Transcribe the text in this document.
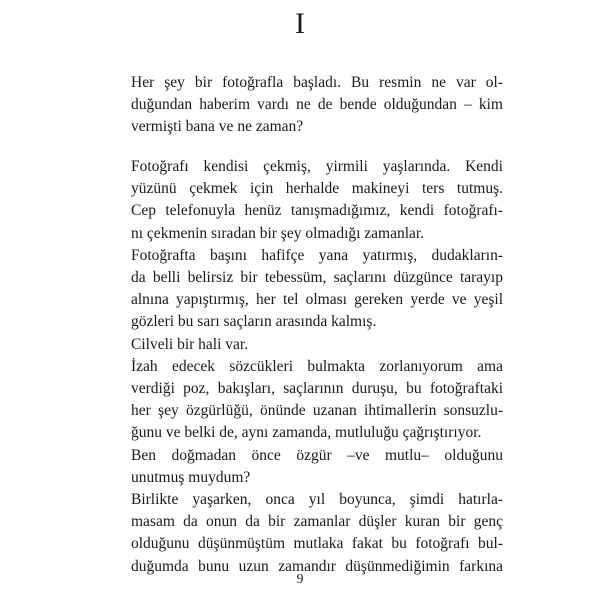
I

Her şey bir fotoğrafla başladı. Bu resmin ne var ol-
duğundan haberim vardı ne de bende olduğundan – kim
vermişti bana ve ne zaman?

Fotoğrafı kendisi çekmiş, yirmili yaşlarında. Kendi
yüzünü çekmek için herhalde makineyi ters tutmuş.
Cep telefonuyla henüz tanışmadığımız, kendi fotoğrafı-
nı çekmenin sıradan bir şey olmadığı zamanlar.

Fotoğrafta başını hafifçe yana yatırmış, dudakların-
da belli belirsiz bir tebessüm, saçlarını düzgünce tarayıp
alnına yapıştırmış, her tel olması gereken yerde ve yeşil
gözleri bu sarı saçların arasında kalmış.

Cilveli bir hali var.

İzah edecek sözcükleri bulmakta zorlanıyorum ama
verdiği poz, bakışları, saçlarının duruşu, bu fotoğraftaki
her şey özgürlüğü, önünde uzanan ihtimallerin sonsuzlu-
ğunu ve belki de, aynı zamanda, mutluluğu çağrıştırıyor.

Ben doğmadan önce özgür –ve mutlu– olduğunu
unutmuş muydum?

Birlikte yaşarken, onca yıl boyunca, şimdi hatırla-
masam da onun da bir zamanlar düşler kuran bir genç
olduğunu düşünmüştüm mutlaka fakat bu fotoğrafı bul-
duğumda bunu uzun zamandır düşünmediğimin farkına

9
